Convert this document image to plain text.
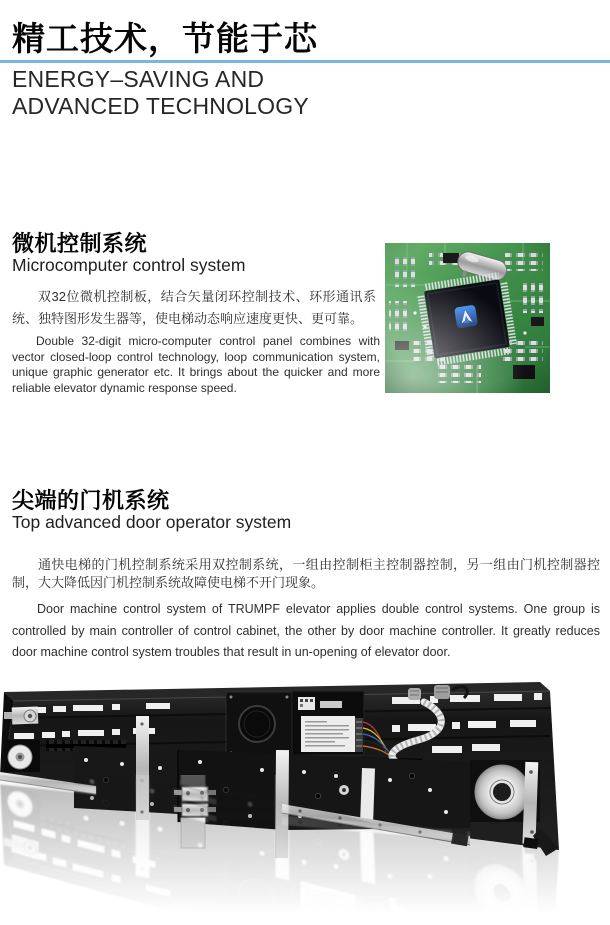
精工技术，节能于芯
ENERGY–SAVING AND
ADVANCED TECHNOLOGY
微机控制系统
Microcomputer control system

双32位微机控制板，结合矢量闭环控制技术、环形通讯系统、独特图形发生器等，使电梯动态响应速度更快、更可靠。

Double 32-digit micro-computer control panel combines with vector closed-loop control technology, loop communication system, unique graphic generator etc. It brings about the quicker and more reliable elevator dynamic response speed.

尖端的门机系统
Top advanced door operator system

通快电梯的门机控制系统采用双控制系统，一组由控制柜主控制器控制，另一组由门机控制器控制，大大降低因门机控制系统故障使电梯不开门现象。

Door machine control system of TRUMPF elevator applies double control systems. One group is controlled by main controller of control cabinet, the other by door machine controller. It greatly reduces door machine control system troubles that result in un-opening of elevator door.
